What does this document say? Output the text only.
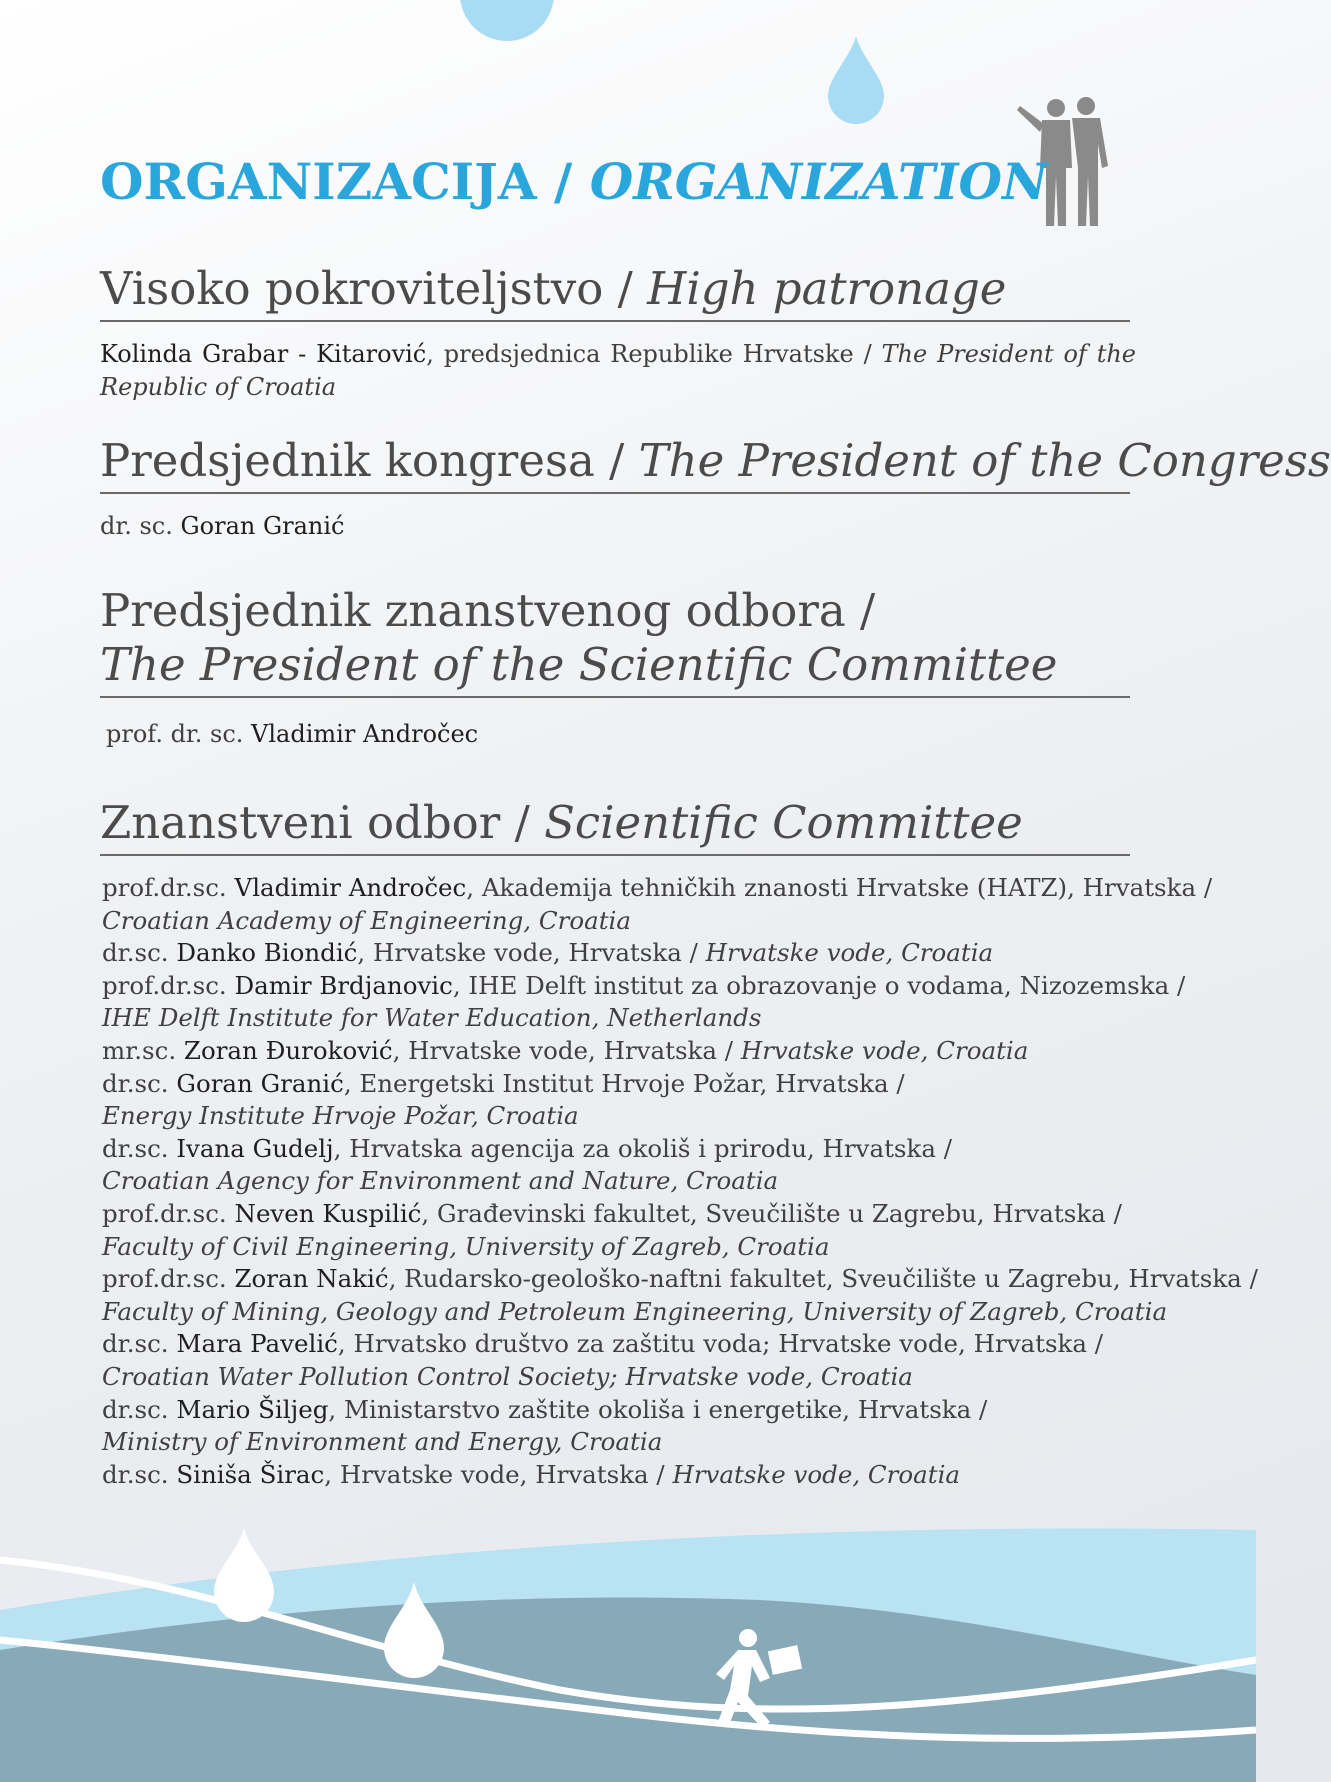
ORGANIZACIJA / ORGANIZATION
Visoko pokroviteljstvo / High patronage
Kolinda Grabar - Kitarović, predsjednica Republike Hrvatske / The President of the Republic of Croatia
Predsjednik kongresa / The President of the Congress
dr. sc. Goran Granić
Predsjednik znanstvenog odbora /
The President of the Scientific Committee
prof. dr. sc. Vladimir Andročec
Znanstveni odbor / Scientific Committee
prof.dr.sc. Vladimir Andročec, Akademija tehničkih znanosti Hrvatske (HATZ), Hrvatska /
Croatian Academy of Engineering, Croatia
dr.sc. Danko Biondić, Hrvatske vode, Hrvatska / Hrvatske vode, Croatia
prof.dr.sc. Damir Brdjanovic, IHE Delft institut za obrazovanje o vodama, Nizozemska /
IHE Delft Institute for Water Education, Netherlands
mr.sc. Zoran Đuroković, Hrvatske vode, Hrvatska / Hrvatske vode, Croatia
dr.sc. Goran Granić, Energetski Institut Hrvoje Požar, Hrvatska /
Energy Institute Hrvoje Požar, Croatia
dr.sc. Ivana Gudelj, Hrvatska agencija za okoliš i prirodu, Hrvatska /
Croatian Agency for Environment and Nature, Croatia
prof.dr.sc. Neven Kuspilić, Građevinski fakultet, Sveučilište u Zagrebu, Hrvatska /
Faculty of Civil Engineering, University of Zagreb, Croatia
prof.dr.sc. Zoran Nakić, Rudarsko-geološko-naftni fakultet, Sveučilište u Zagrebu, Hrvatska /
Faculty of Mining, Geology and Petroleum Engineering, University of Zagreb, Croatia
dr.sc. Mara Pavelić, Hrvatsko društvo za zaštitu voda; Hrvatske vode, Hrvatska /
Croatian Water Pollution Control Society; Hrvatske vode, Croatia
dr.sc. Mario Šiljeg, Ministarstvo zaštite okoliša i energetike, Hrvatska /
Ministry of Environment and Energy, Croatia
dr.sc. Siniša Širac, Hrvatske vode, Hrvatska / Hrvatske vode, Croatia
